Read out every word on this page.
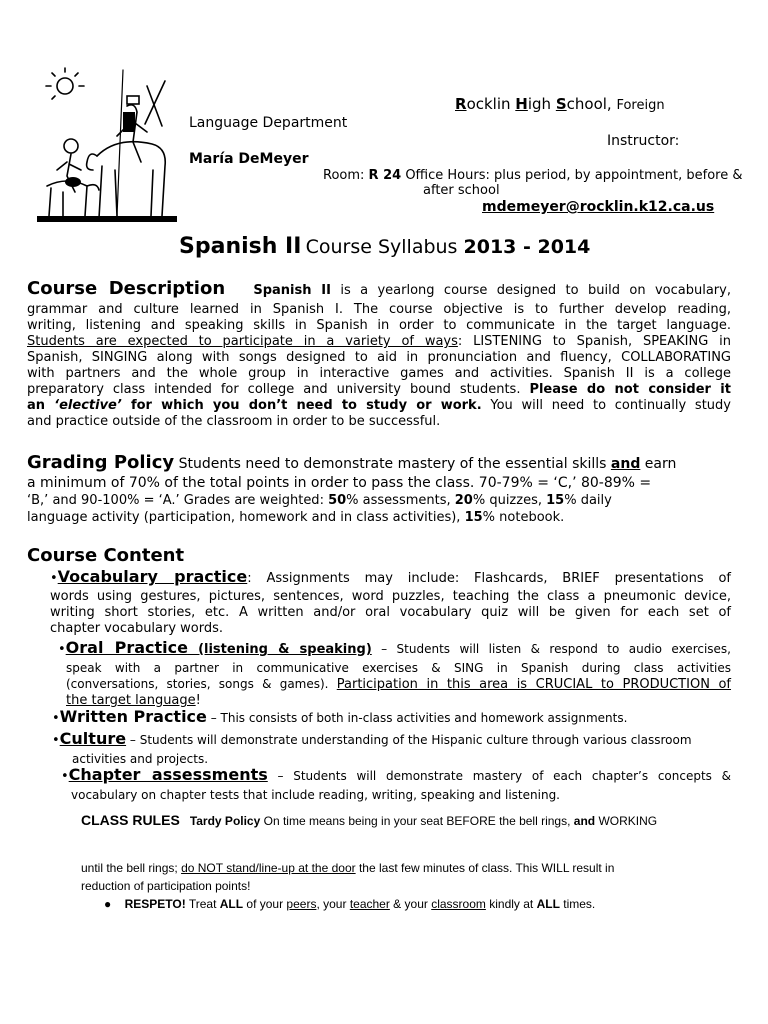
Rocklin High School, Foreign
Language Department
Instructor:
María DeMeyer
Room: R 24 Office Hours: plus period, by appointment, before &
after school
mdemeyer@rocklin.k12.ca.us
Spanish II Course Syllabus 2013 - 2014
Course Description Spanish II is a yearlong course designed to build on vocabulary,
grammar and culture learned in Spanish I. The course objective is to further develop reading,
writing, listening and speaking skills in Spanish in order to communicate in the target language.
Students are expected to participate in a variety of ways: LISTENING to Spanish, SPEAKING in
Spanish, SINGING along with songs designed to aid in pronunciation and fluency, COLLABORATING
with partners and the whole group in interactive games and activities. Spanish II is a college
preparatory class intended for college and university bound students. Please do not consider it
an ‘elective’ for which you don’t need to study or work. You will need to continually study
and practice outside of the classroom in order to be successful.
Grading Policy Students need to demonstrate mastery of the essential skills and earn
a minimum of 70% of the total points in order to pass the class. 70-79% = ‘C,’ 80-89% =
‘B,’ and 90-100% = ‘A.’ Grades are weighted: 50% assessments, 20% quizzes, 15% daily
language activity (participation, homework and in class activities), 15% notebook.
Course Content
•Vocabulary practice: Assignments may include: Flashcards, BRIEF presentations of
words using gestures, pictures, sentences, word puzzles, teaching the class a pneumonic device,
writing short stories, etc. A written and/or oral vocabulary quiz will be given for each set of
chapter vocabulary words.
•Oral Practice (listening & speaking) – Students will listen & respond to audio exercises,
speak with a partner in communicative exercises & SING in Spanish during class activities
(conversations, stories, songs & games). Participation in this area is CRUCIAL to PRODUCTION of
the target language!
•Written Practice – This consists of both in-class activities and homework assignments.
•Culture – Students will demonstrate understanding of the Hispanic culture through various classroom
activities and projects.
•Chapter assessments – Students will demonstrate mastery of each chapter’s concepts &
vocabulary on chapter tests that include reading, writing, speaking and listening.
CLASS RULES Tardy Policy On time means being in your seat BEFORE the bell rings, and WORKING
until the bell rings; do NOT stand/line-up at the door the last few minutes of class. This WILL result in
reduction of participation points!
● RESPETO! Treat ALL of your peers, your teacher & your classroom kindly at ALL times.
